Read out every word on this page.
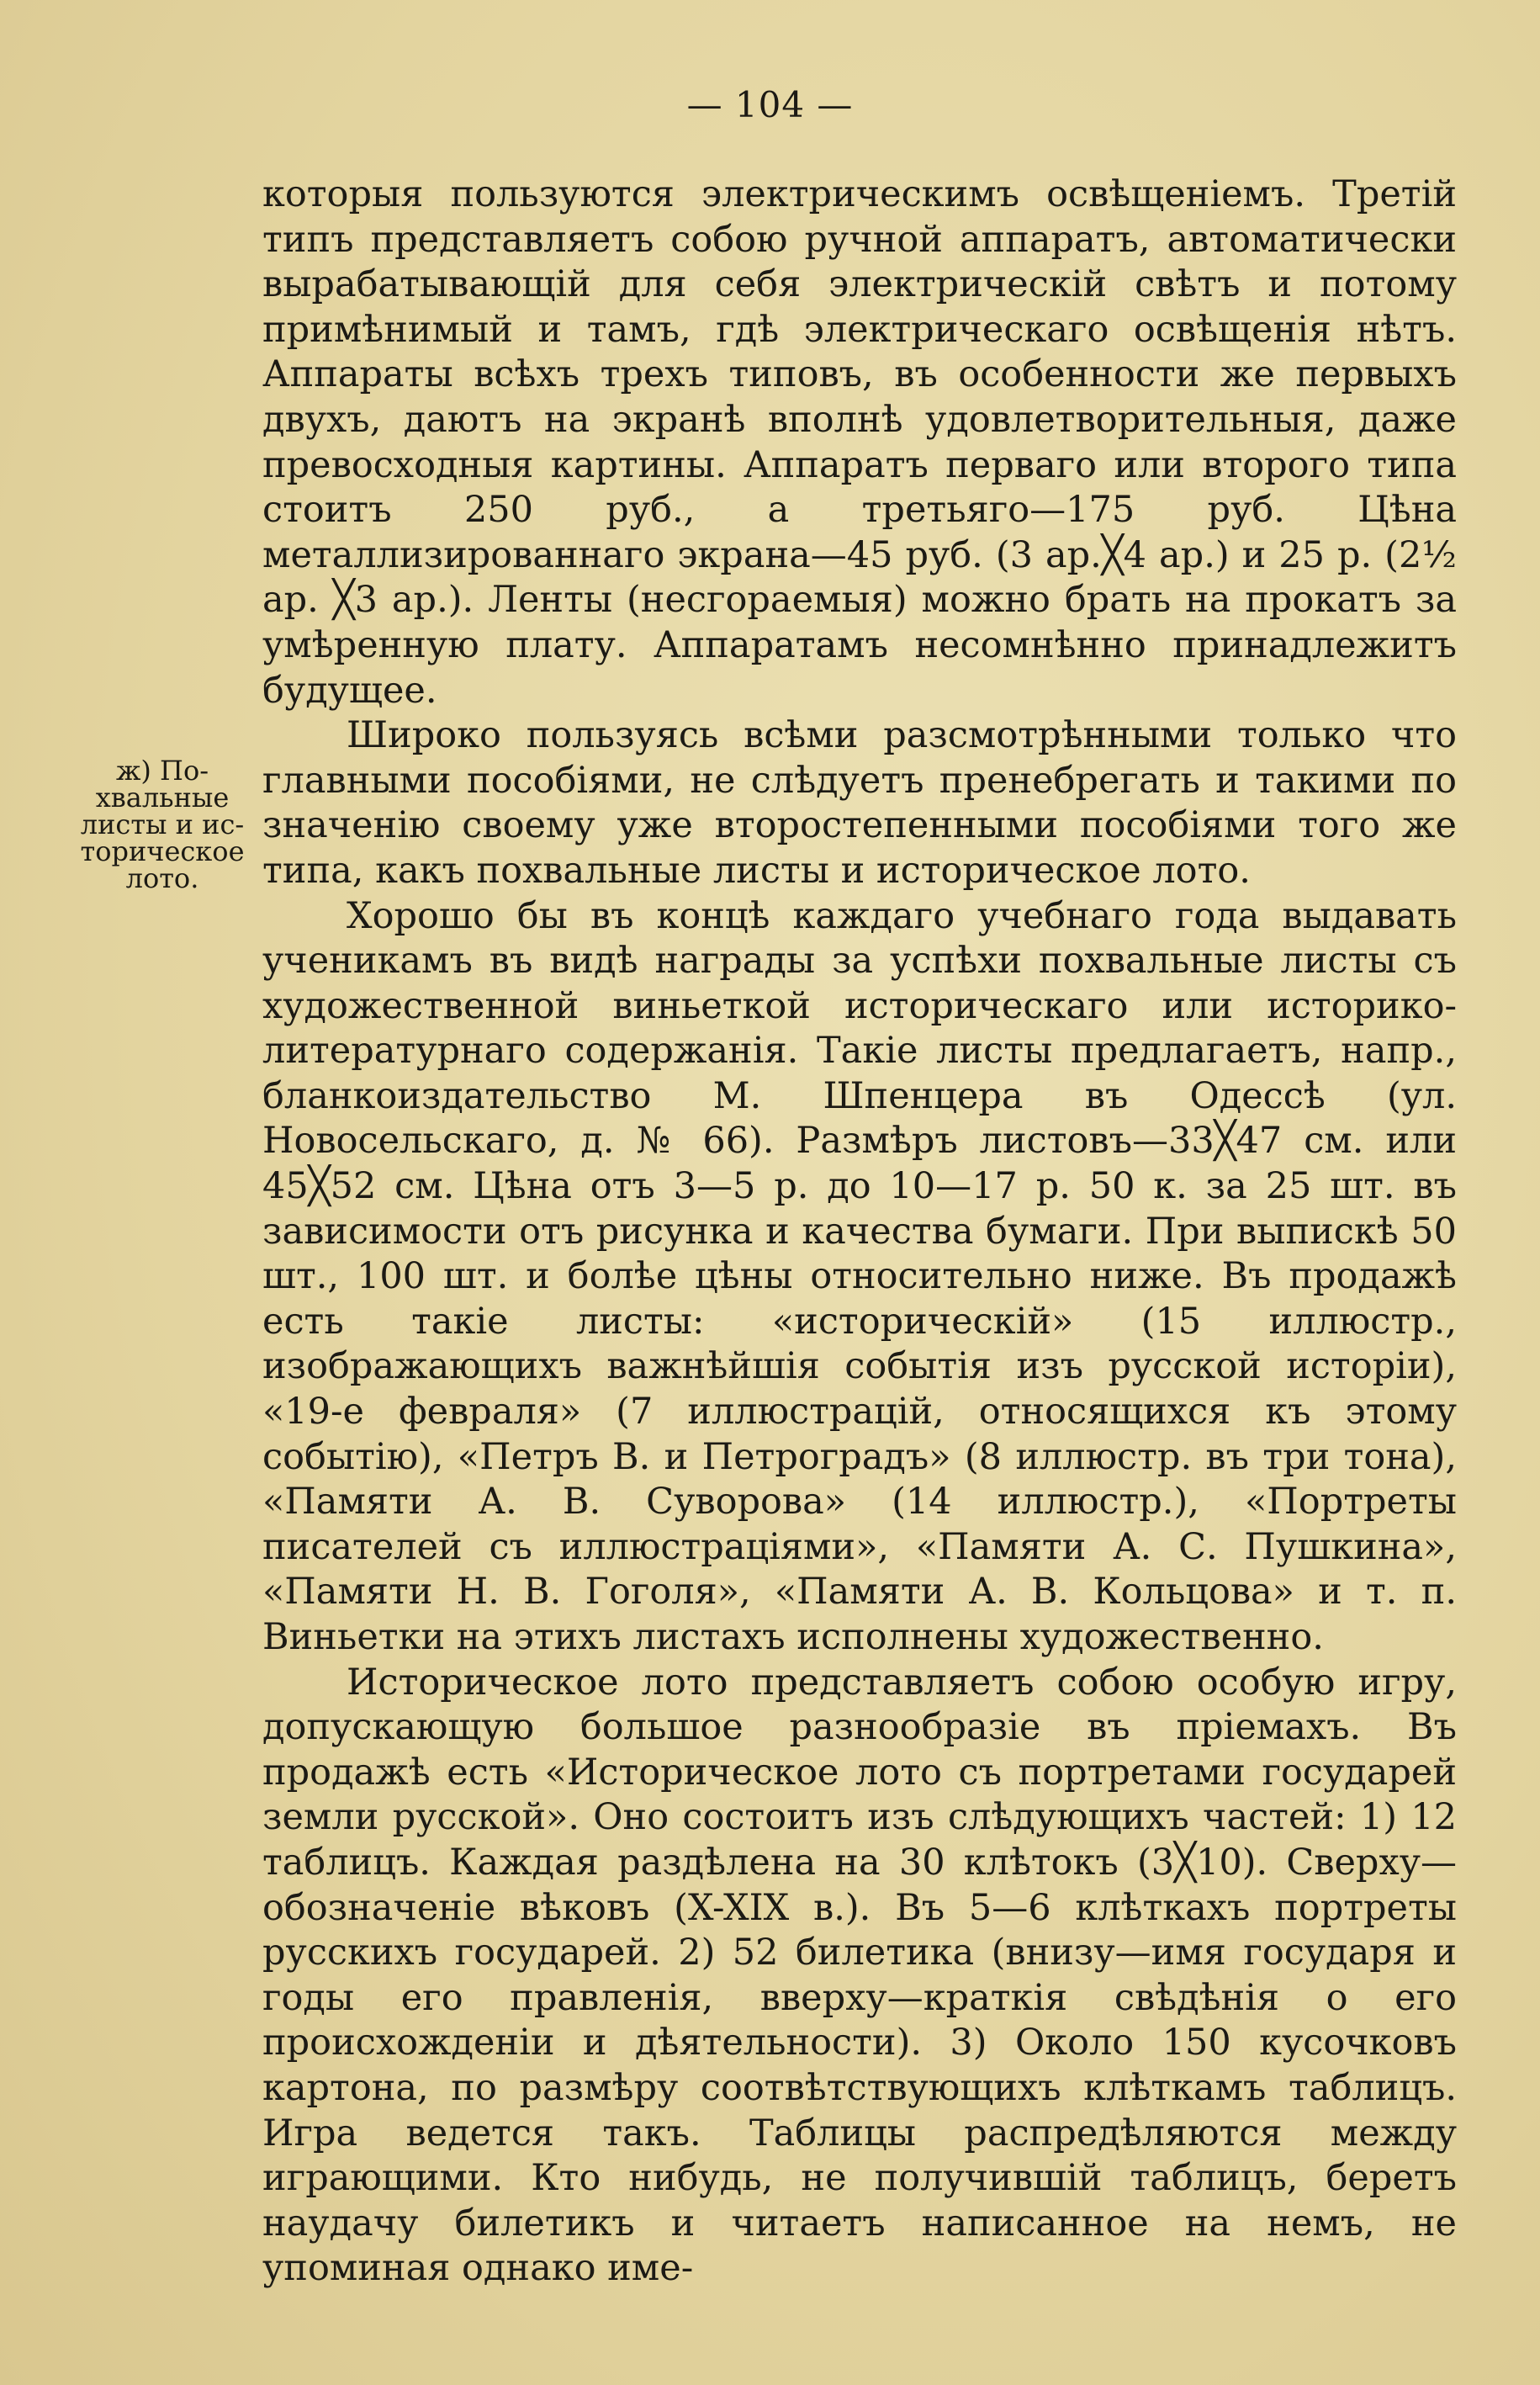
— 104 —
ж) По-
хвальные
листы и ис-
торическое
лото.

которыя пользуются электрическимъ освѣщеніемъ. Третій типъ представляетъ собою ручной аппаратъ, автоматически вырабатывающій для себя электрическій свѣтъ и потому примѣнимый и тамъ, гдѣ электрическаго освѣщенія нѣтъ. Аппараты всѣхъ трехъ типовъ, въ особенности же первыхъ двухъ, даютъ на экранѣ вполнѣ удовлетворительныя, даже превосходныя картины. Аппаратъ перваго или второго типа стоитъ 250 руб., а третьяго—175 руб. Цѣна металлизированнаго экрана—45 руб. (3 ар.╳4 ар.) и 25 р. (2½ ар. ╳3 ар.). Ленты (несгораемыя) можно брать на прокатъ за умѣренную плату. Аппаратамъ несомнѣнно принадлежитъ будущее.

Широко пользуясь всѣми разсмотрѣнными только что главными пособіями, не слѣдуетъ пренебрегать и такими по значенію своему уже второстепенными пособіями того же типа, какъ похвальные листы и историческое лото.

Хорошо бы въ концѣ каждаго учебнаго года выдавать ученикамъ въ видѣ награды за успѣхи похвальные листы съ художественной виньеткой историческаго или историко-литературнаго содержанія. Такіе листы предлагаетъ, напр., бланкоиздательство М. Шпенцера въ Одессѣ (ул. Новосельскаго, д. № 66). Размѣръ листовъ—33╳47 см. или 45╳52 см. Цѣна отъ 3—5 р. до 10—17 р. 50 к. за 25 шт. въ зависимости отъ рисунка и качества бумаги. При выпискѣ 50 шт., 100 шт. и болѣе цѣны относительно ниже. Въ продажѣ есть такіе листы: «историческій» (15 иллюстр., изображающихъ важнѣйшія событія изъ русской исторіи), «19-е февраля» (7 иллюстрацій, относящихся къ этому событію), «Петръ В. и Петроградъ» (8 иллюстр. въ три тона), «Памяти А. В. Суворова» (14 иллюстр.), «Портреты писателей съ иллюстраціями», «Памяти А. С. Пушкина», «Памяти Н. В. Гоголя», «Памяти А. В. Кольцова» и т. п. Виньетки на этихъ листахъ исполнены художественно.

Историческое лото представляетъ собою особую игру, допускающую большое разнообразіе въ пріемахъ. Въ продажѣ есть «Историческое лото съ портретами государей земли русской». Оно состоитъ изъ слѣдующихъ частей: 1) 12 таблицъ. Каждая раздѣлена на 30 клѣтокъ (3╳10). Сверху—обозначеніе вѣковъ (X-XIX в.). Въ 5—6 клѣткахъ портреты русскихъ государей. 2) 52 билетика (внизу—имя государя и годы его правленія, вверху—краткія свѣдѣнія о его происхожденіи и дѣятельности). 3) Около 150 кусочковъ картона, по размѣру соотвѣтствующихъ клѣткамъ таблицъ. Игра ведется такъ. Таблицы распредѣляются между играющими. Кто нибудь, не получившій таблицъ, беретъ наудачу билетикъ и читаетъ написанное на немъ, не упоминая однако име-
